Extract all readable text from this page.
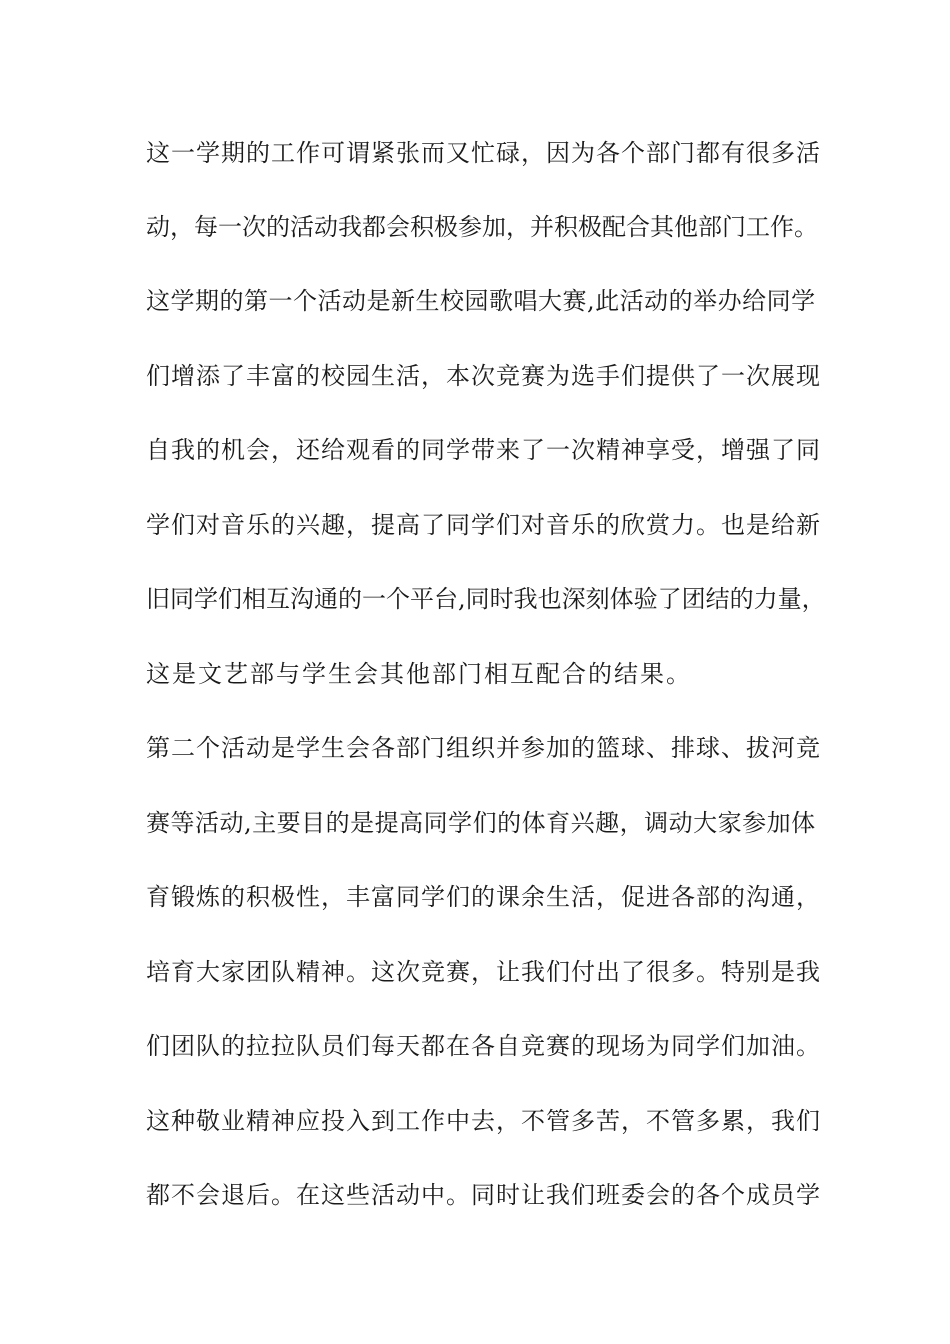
这一学期的工作可谓紧张而又忙碌，因为各个部门都有很多活
动，每一次的活动我都会积极参加，并积极配合其他部门工作。
这学期的第一个活动是新生校园歌唱大赛,此活动的举办给同学
们增添了丰富的校园生活，本次竞赛为选手们提供了一次展现
自我的机会，还给观看的同学带来了一次精神享受，增强了同
学们对音乐的兴趣，提高了同学们对音乐的欣赏力。也是给新
旧同学们相互沟通的一个平台,同时我也深刻体验了团结的力量，
这是文艺部与学生会其他部门相互配合的结果。
第二个活动是学生会各部门组织并参加的篮球、排球、拔河竞
赛等活动,主要目的是提高同学们的体育兴趣，调动大家参加体
育锻炼的积极性，丰富同学们的课余生活，促进各部的沟通，
培育大家团队精神。这次竞赛，让我们付出了很多。特别是我
们团队的拉拉队员们每天都在各自竞赛的现场为同学们加油。
这种敬业精神应投入到工作中去，不管多苦，不管多累，我们
都不会退后。在这些活动中。同时让我们班委会的各个成员学
